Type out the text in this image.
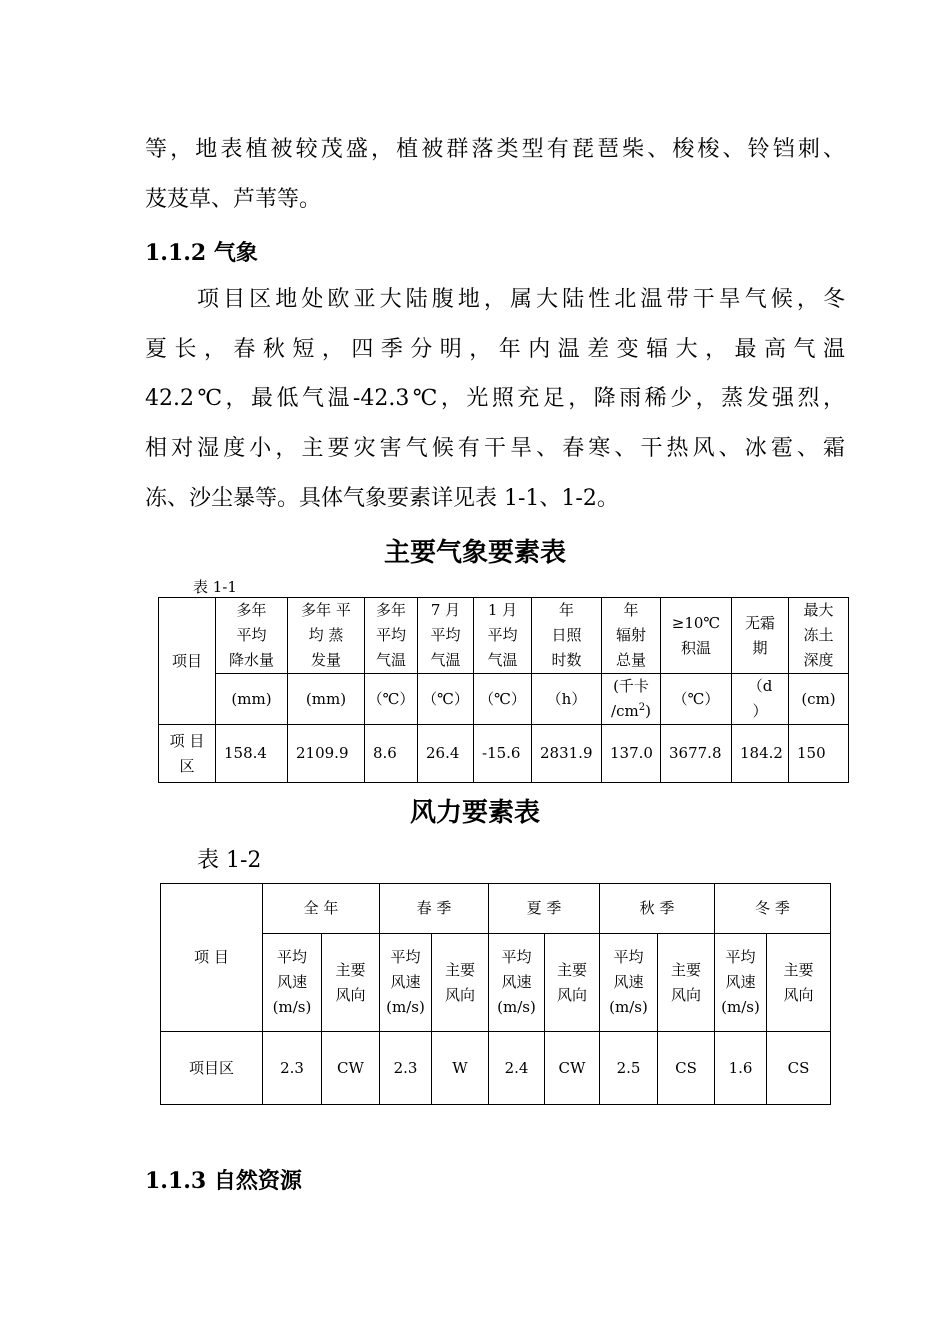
等，地表植被较茂盛，植被群落类型有琵琶柴、梭梭、铃铛刺、

芨芨草、芦苇等。

1.1.2 气象

项目区地处欧亚大陆腹地，属大陆性北温带干旱气候，冬

夏长，春秋短，四季分明，年内温差变辐大，最高气温

42.2℃，最低气温-42.3℃，光照充足，降雨稀少，蒸发强烈，

相对湿度小，主要灾害气候有干旱、春寒、干热风、冰雹、霜

冻、沙尘暴等。具体气象要素详见表 1-1、1-2。

主要气象要素表

表 1-1

项目	多年
平均
降水量	多年 平
均 蒸
发量	多年
平均
气温	7 月
平均
气温	1 月
平均
气温	年
日照
时数	年
辐射
总量	≥10℃
积温	无霜
期	最大
冻土
深度
	(mm)	(mm)	（℃）	（℃）	（℃）	（h）	(千卡
$/cm^2$)	（℃）	（d
）	(cm)
项 目
区	158.4	2109.9	8.6	26.4	-15.6	2831.9	137.0	3677.8	184.2	150

风力要素表

表 1-2

项 目	全 年		春 季		夏 季		秋 季		冬 季	
	平均
风速
(m/s)	主要
风向	平均
风速
(m/s)	主要
风向	平均
风速
(m/s)	主要
风向	平均
风速
(m/s)	主要
风向	平均
风速
(m/s)	主要
风向
项目区	2.3	CW	2.3	W	2.4	CW	2.5	CS	1.6	CS

1.1.3 自然资源
